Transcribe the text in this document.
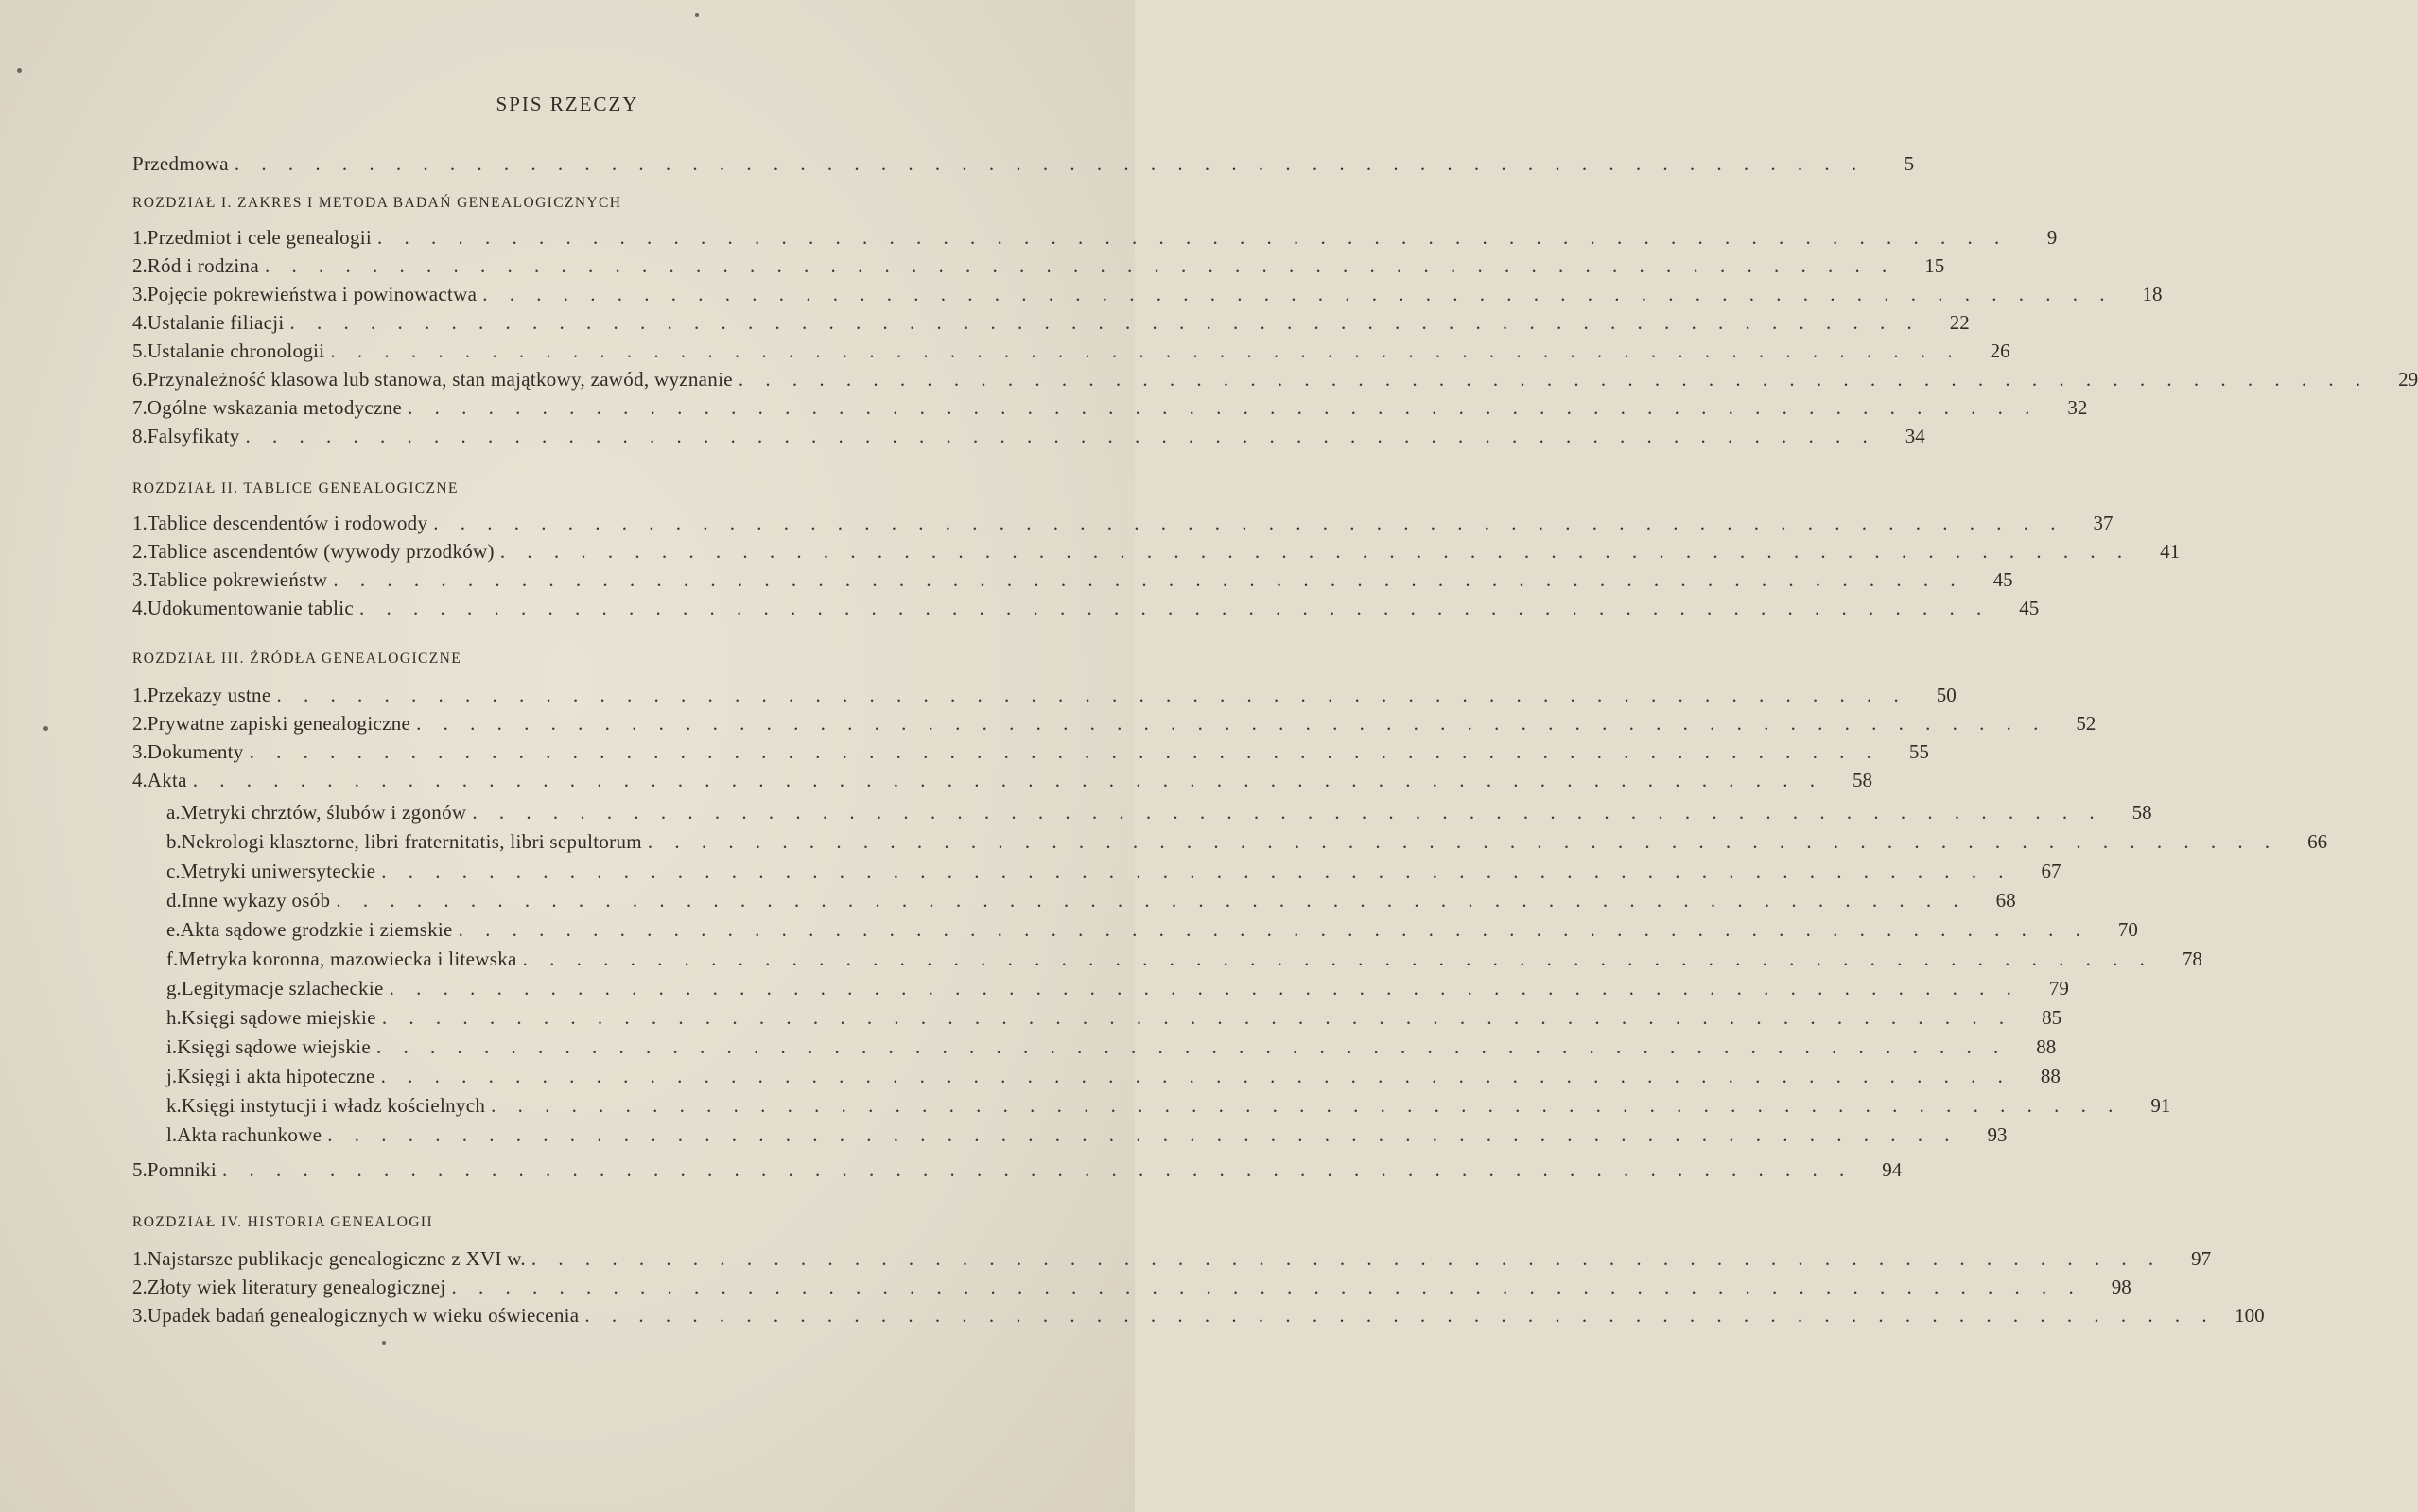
SPIS RZECZY
Przedmowa . . . . . . . . . . . . . . . . . . . . . . . . . . . . . . . . . . . . . . . . . . . . . . . . . . . . . . . . . . . . .	5
ROZDZIAŁ I. ZAKRES I METODA BADAŃ GENEALOGICZNYCH
1. Przedmiot i cele genealogii . . . . . . . . . . . . . . . . . . . . . . . . . . . . . . . . . . . . . . . . . . . . . . . . . . . . . . . . . . . . .	9
2. Ród i rodzina . . . . . . . . . . . . . . . . . . . . . . . . . . . . . . . . . . . . . . . . . . . . . . . . . . . . . . . . . . . . .	15
3. Pojęcie pokrewieństwa i powinowactwa . . . . . . . . . . . . . . . . . . . . . . . . . . . . . . . . . . . . . . . . . . . . . . . . . . . . . . . . . . . . .	18
4. Ustalanie filiacji . . . . . . . . . . . . . . . . . . . . . . . . . . . . . . . . . . . . . . . . . . . . . . . . . . . . . . . . . . . . .	22
5. Ustalanie chronologii . . . . . . . . . . . . . . . . . . . . . . . . . . . . . . . . . . . . . . . . . . . . . . . . . . . . . . . . . . . . .	26
6. Przynależność klasowa lub stanowa, stan majątkowy, zawód, wyznanie . . . . . . . . . . . . . . . . . . . . . . . . . . . . . . . . . . . . . . . . . . . . . . . . . . . . . . . . . . . . .	29
7. Ogólne wskazania metodyczne . . . . . . . . . . . . . . . . . . . . . . . . . . . . . . . . . . . . . . . . . . . . . . . . . . . . . . . . . . . . .	32
8. Falsyfikaty . . . . . . . . . . . . . . . . . . . . . . . . . . . . . . . . . . . . . . . . . . . . . . . . . . . . . . . . . . . . .	34
ROZDZIAŁ II. TABLICE GENEALOGICZNE
1. Tablice descendentów i rodowody . . . . . . . . . . . . . . . . . . . . . . . . . . . . . . . . . . . . . . . . . . . . . . . . . . . . . . . . . . . . .	37
2. Tablice ascendentów (wywody przodków) . . . . . . . . . . . . . . . . . . . . . . . . . . . . . . . . . . . . . . . . . . . . . . . . . . . . . . . . . . . . .	41
3. Tablice pokrewieństw . . . . . . . . . . . . . . . . . . . . . . . . . . . . . . . . . . . . . . . . . . . . . . . . . . . . . . . . . . . . .	45
4. Udokumentowanie tablic . . . . . . . . . . . . . . . . . . . . . . . . . . . . . . . . . . . . . . . . . . . . . . . . . . . . . . . . . . . . .	45
ROZDZIAŁ III. ŹRÓDŁA GENEALOGICZNE
1. Przekazy ustne . . . . . . . . . . . . . . . . . . . . . . . . . . . . . . . . . . . . . . . . . . . . . . . . . . . . . . . . . . . . .	50
2. Prywatne zapiski genealogiczne . . . . . . . . . . . . . . . . . . . . . . . . . . . . . . . . . . . . . . . . . . . . . . . . . . . . . . . . . . . . .	52
3. Dokumenty . . . . . . . . . . . . . . . . . . . . . . . . . . . . . . . . . . . . . . . . . . . . . . . . . . . . . . . . . . . . .	55
4. Akta . . . . . . . . . . . . . . . . . . . . . . . . . . . . . . . . . . . . . . . . . . . . . . . . . . . . . . . . . . . . .	58
a. Metryki chrztów, ślubów i zgonów . . . . . . . . . . . . . . . . . . . . . . . . . . . . . . . . . . . . . . . . . . . . . . . . . . . . . . . . . . . . .	58
b. Nekrologi klasztorne, libri fraternitatis, libri sepultorum . . . . . . . . . . . . . . . . . . . . . . . . . . . . . . . . . . . . . . . . . . . . . . . . . . . . . . . . . . . . .	66
c. Metryki uniwersyteckie . . . . . . . . . . . . . . . . . . . . . . . . . . . . . . . . . . . . . . . . . . . . . . . . . . . . . . . . . . . . .	67
d. Inne wykazy osób . . . . . . . . . . . . . . . . . . . . . . . . . . . . . . . . . . . . . . . . . . . . . . . . . . . . . . . . . . . . .	68
e. Akta sądowe grodzkie i ziemskie . . . . . . . . . . . . . . . . . . . . . . . . . . . . . . . . . . . . . . . . . . . . . . . . . . . . . . . . . . . . .	70
f. Metryka koronna, mazowiecka i litewska . . . . . . . . . . . . . . . . . . . . . . . . . . . . . . . . . . . . . . . . . . . . . . . . . . . . . . . . . . . . .	78
g. Legitymacje szlacheckie . . . . . . . . . . . . . . . . . . . . . . . . . . . . . . . . . . . . . . . . . . . . . . . . . . . . . . . . . . . . .	79
h. Księgi sądowe miejskie . . . . . . . . . . . . . . . . . . . . . . . . . . . . . . . . . . . . . . . . . . . . . . . . . . . . . . . . . . . . .	85
i. Księgi sądowe wiejskie . . . . . . . . . . . . . . . . . . . . . . . . . . . . . . . . . . . . . . . . . . . . . . . . . . . . . . . . . . . . .	88
j. Księgi i akta hipoteczne . . . . . . . . . . . . . . . . . . . . . . . . . . . . . . . . . . . . . . . . . . . . . . . . . . . . . . . . . . . . .	88
k. Księgi instytucji i władz kościelnych . . . . . . . . . . . . . . . . . . . . . . . . . . . . . . . . . . . . . . . . . . . . . . . . . . . . . . . . . . . . .	91
l. Akta rachunkowe . . . . . . . . . . . . . . . . . . . . . . . . . . . . . . . . . . . . . . . . . . . . . . . . . . . . . . . . . . . . .	93
5. Pomniki . . . . . . . . . . . . . . . . . . . . . . . . . . . . . . . . . . . . . . . . . . . . . . . . . . . . . . . . . . . . .	94
ROZDZIAŁ IV. HISTORIA GENEALOGII
1. Najstarsze publikacje genealogiczne z XVI w. . . . . . . . . . . . . . . . . . . . . . . . . . . . . . . . . . . . . . . . . . . . . . . . . . . . . . . . . . . . . .	97
2. Złoty wiek literatury genealogicznej . . . . . . . . . . . . . . . . . . . . . . . . . . . . . . . . . . . . . . . . . . . . . . . . . . . . . . . . . . . . .	98
3. Upadek badań genealogicznych w wieku oświecenia . . . . . . . . . . . . . . . . . . . . . . . . . . . . . . . . . . . . . . . . . . . . . . . . . . . . . . . . . . . . . 100
